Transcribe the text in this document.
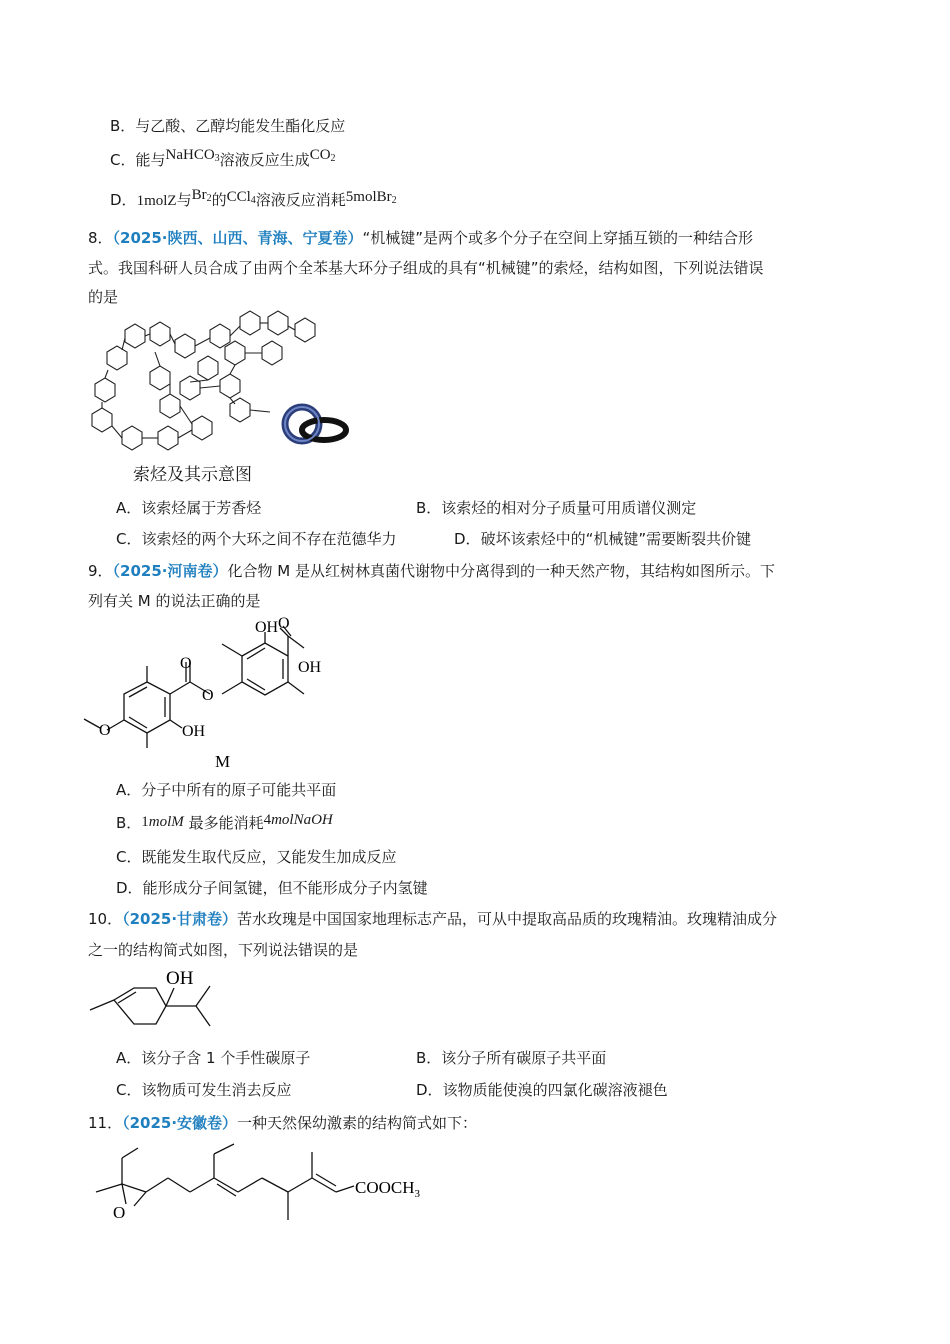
B．与乙酸、乙醇均能发生酯化反应
C．能与NaHCO$_3$溶液反应生成$CO_2$
D．1molZ与$Br_2$的CCl$_4$溶液反应消耗5molBr$_2$
8．（2025·陕西、山西、青海、宁夏卷）“机械键”是两个或多个分子在空间上穿插互锁的一种结合形
式。我国科研人员合成了由两个全苯基大环分子组成的具有“机械键”的索烃，结构如图，下列说法错误
的是
索烃及其示意图
A．该索烃属于芳香烃	B．该索烃的相对分子质量可用质谱仪测定
C．该索烃的两个大环之间不存在范德华力	D．破坏该索烃中的“机械键”需要断裂共价键
9．（2025·河南卷）化合物 M 是从红树林真菌代谢物中分离得到的一种天然产物，其结构如图所示。下
列有关 M 的说法正确的是
OH O
OH
O
O
O	OH
M
A．分子中所有的原子可能共平面
B．1molM 最多能消耗4molNaOH
C．既能发生取代反应，又能发生加成反应
D．能形成分子间氢键，但不能形成分子内氢键
10．（2025·甘肃卷）苦水玫瑰是中国国家地理标志产品，可从中提取高品质的玫瑰精油。玫瑰精油成分
之一的结构简式如图，下列说法错误的是
OH
A．该分子含 1 个手性碳原子	B．该分子所有碳原子共平面
C．该物质可发生消去反应	D．该物质能使溴的四氯化碳溶液褪色
11．（2025·安徽卷）一种天然保幼激素的结构简式如下：
O
$COOCH_3$
